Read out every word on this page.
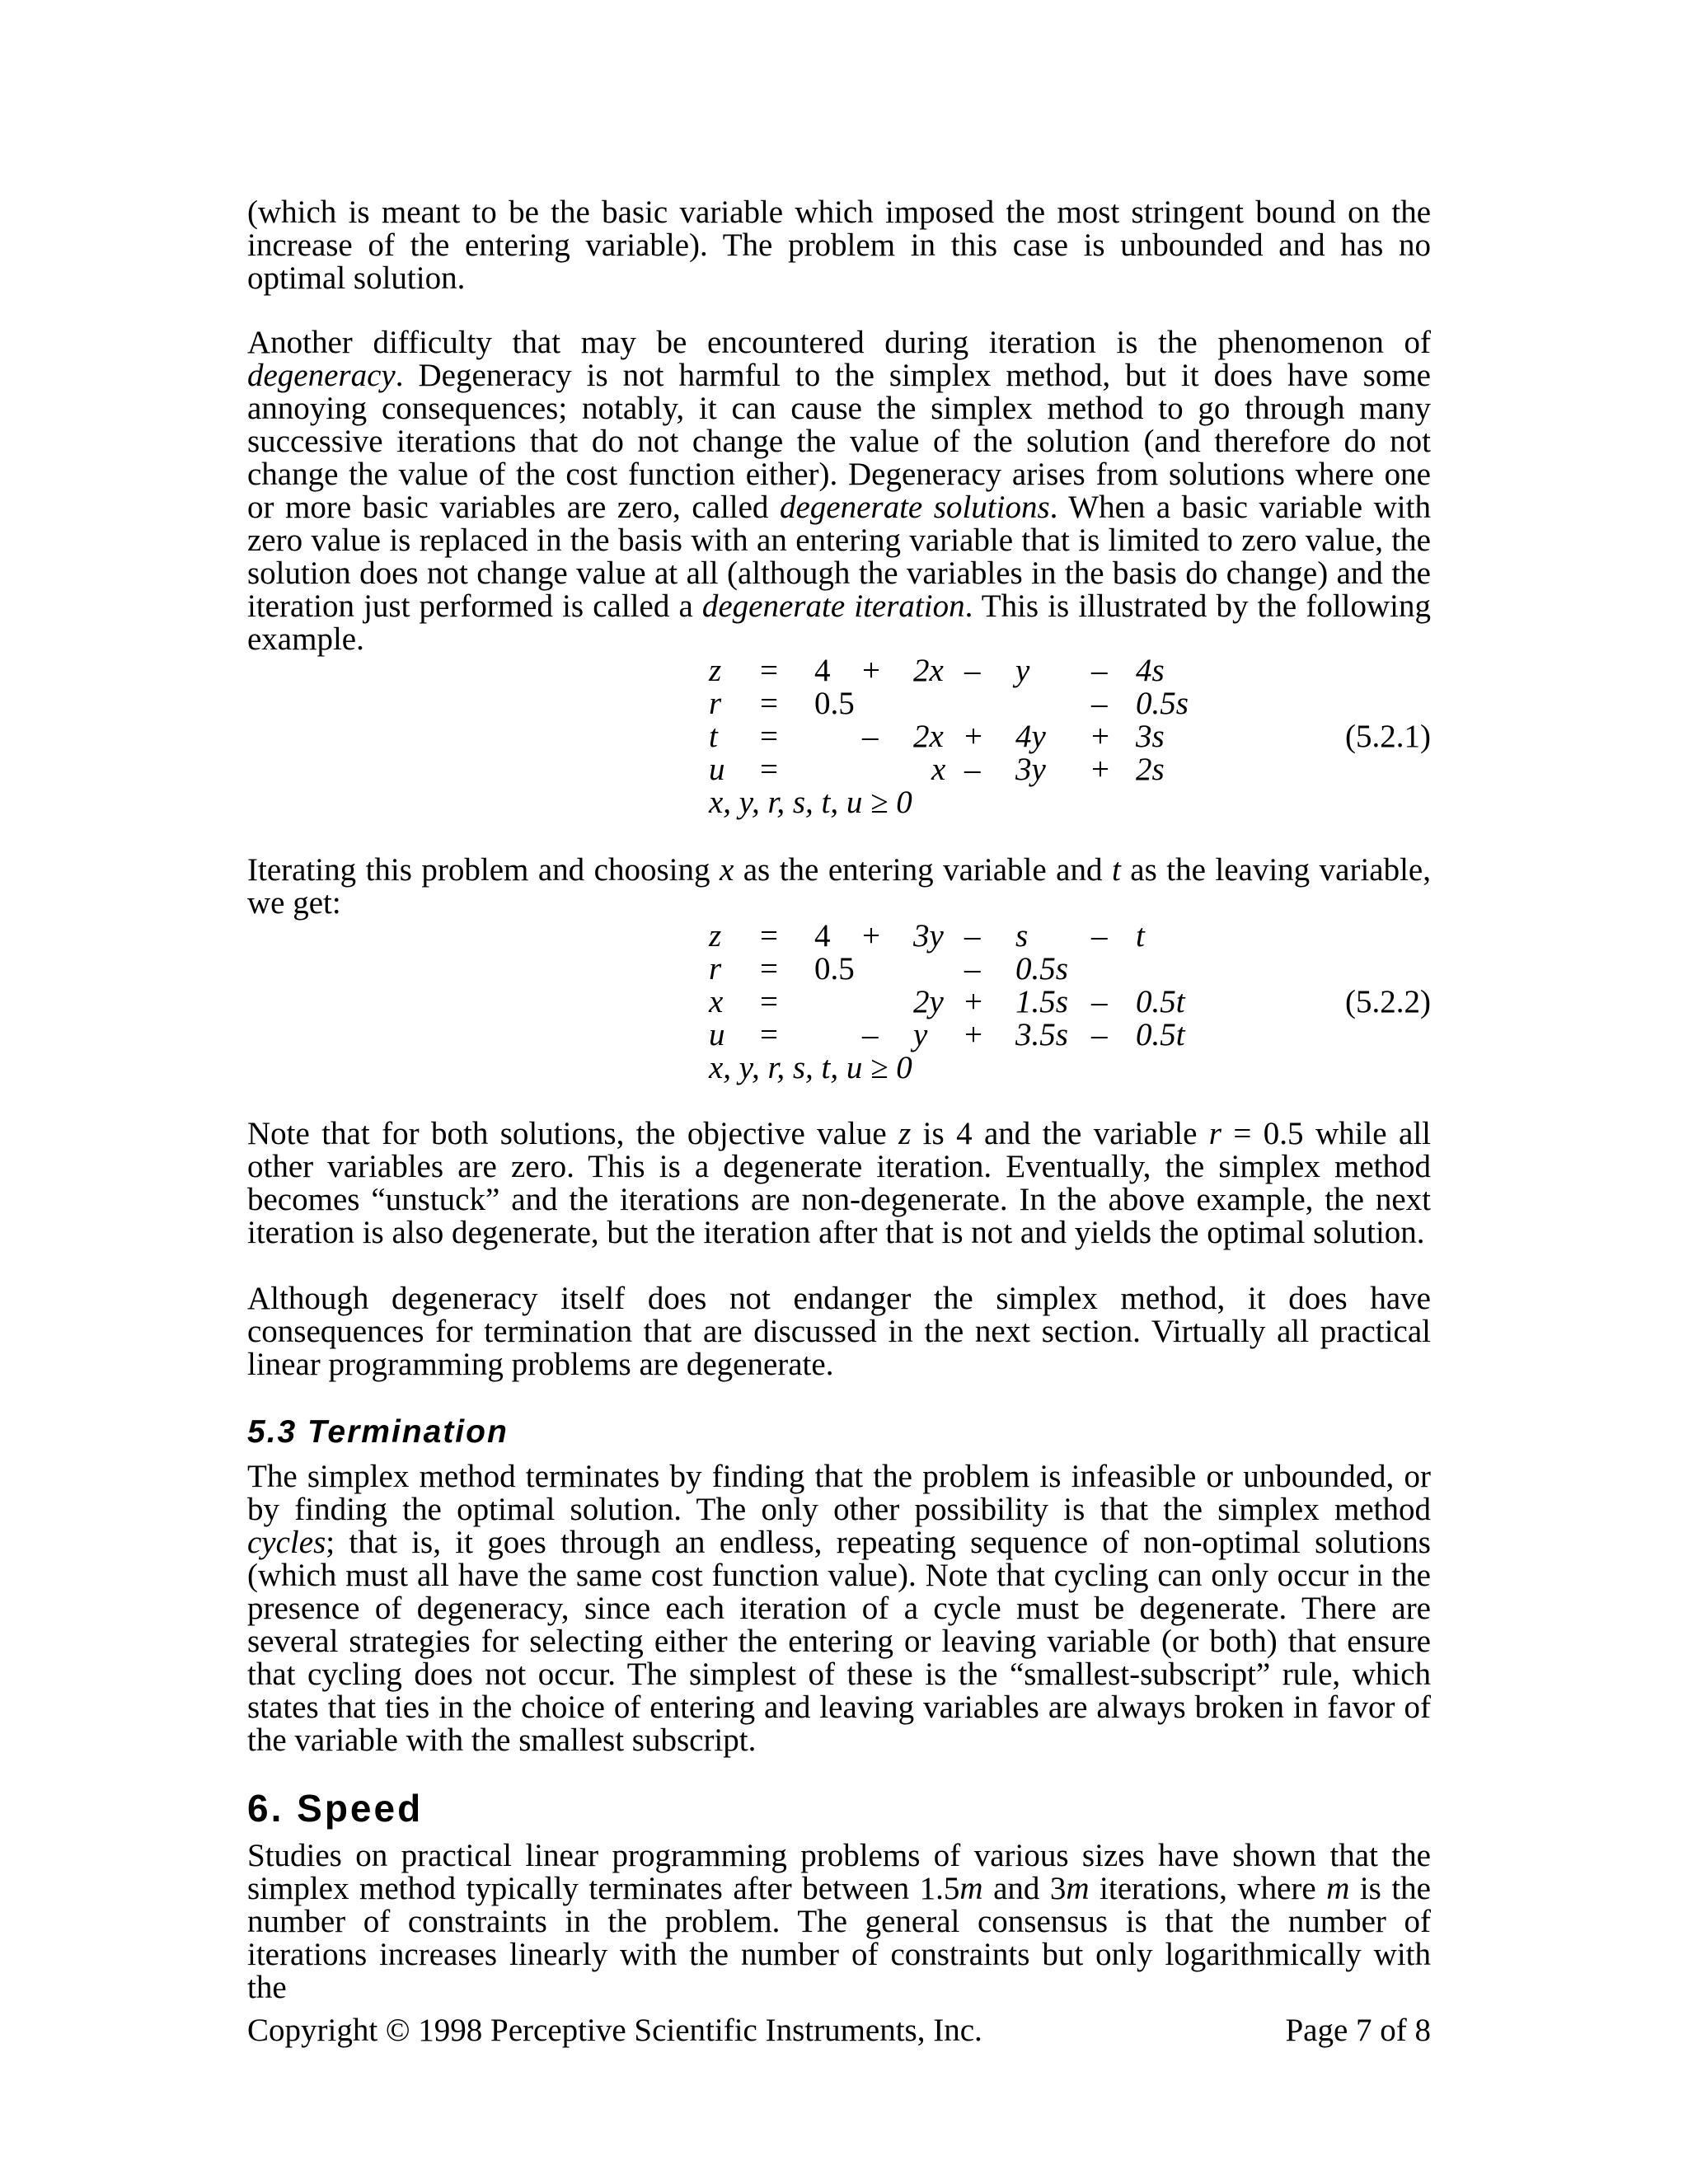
(which is meant to be the basic variable which imposed the most stringent bound on the increase of the entering variable). The problem in this case is unbounded and has no optimal solution.

Another difficulty that may be encountered during iteration is the phenomenon of degeneracy. Degeneracy is not harmful to the simplex method, but it does have some annoying consequences; notably, it can cause the simplex method to go through many successive iterations that do not change the value of the solution (and therefore do not change the value of the cost function either). Degeneracy arises from solutions where one or more basic variables are zero, called degenerate solutions. When a basic variable with zero value is replaced in the basis with an entering variable that is limited to zero value, the solution does not change value at all (although the variables in the basis do change) and the iteration just performed is called a degenerate iteration. This is illustrated by the following example.

z = 4 + 2x – y – 4s
r = 0.5	– 0.5s
t =	– 2x + 4y + 3s
u =	x – 3y + 2s
x, y, r, s, t, u ≥ 0
(5.2.1)

Iterating this problem and choosing x as the entering variable and t as the leaving variable, we get:

z = 4 + 3y – s – t
r = 0.5	– 0.5s
x =	2y + 1.5s – 0.5t
u =	– y + 3.5s – 0.5t
x, y, r, s, t, u ≥ 0
(5.2.2)

Note that for both solutions, the objective value z is 4 and the variable r = 0.5 while all other variables are zero. This is a degenerate iteration. Eventually, the simplex method becomes “unstuck” and the iterations are non-degenerate. In the above example, the next iteration is also degenerate, but the iteration after that is not and yields the optimal solution.

Although degeneracy itself does not endanger the simplex method, it does have consequences for termination that are discussed in the next section. Virtually all practical linear programming problems are degenerate.

5.3 Termination

The simplex method terminates by finding that the problem is infeasible or unbounded, or by finding the optimal solution. The only other possibility is that the simplex method cycles; that is, it goes through an endless, repeating sequence of non-optimal solutions (which must all have the same cost function value). Note that cycling can only occur in the presence of degeneracy, since each iteration of a cycle must be degenerate. There are several strategies for selecting either the entering or leaving variable (or both) that ensure that cycling does not occur. The simplest of these is the “smallest-subscript” rule, which states that ties in the choice of entering and leaving variables are always broken in favor of the variable with the smallest subscript.

6. Speed

Studies on practical linear programming problems of various sizes have shown that the simplex method typically terminates after between 1.5m and 3m iterations, where m is the number of constraints in the problem. The general consensus is that the number of iterations increases linearly with the number of constraints but only logarithmically with the

Copyright © 1998 Perceptive Scientific Instruments, Inc.	Page 7 of 8
